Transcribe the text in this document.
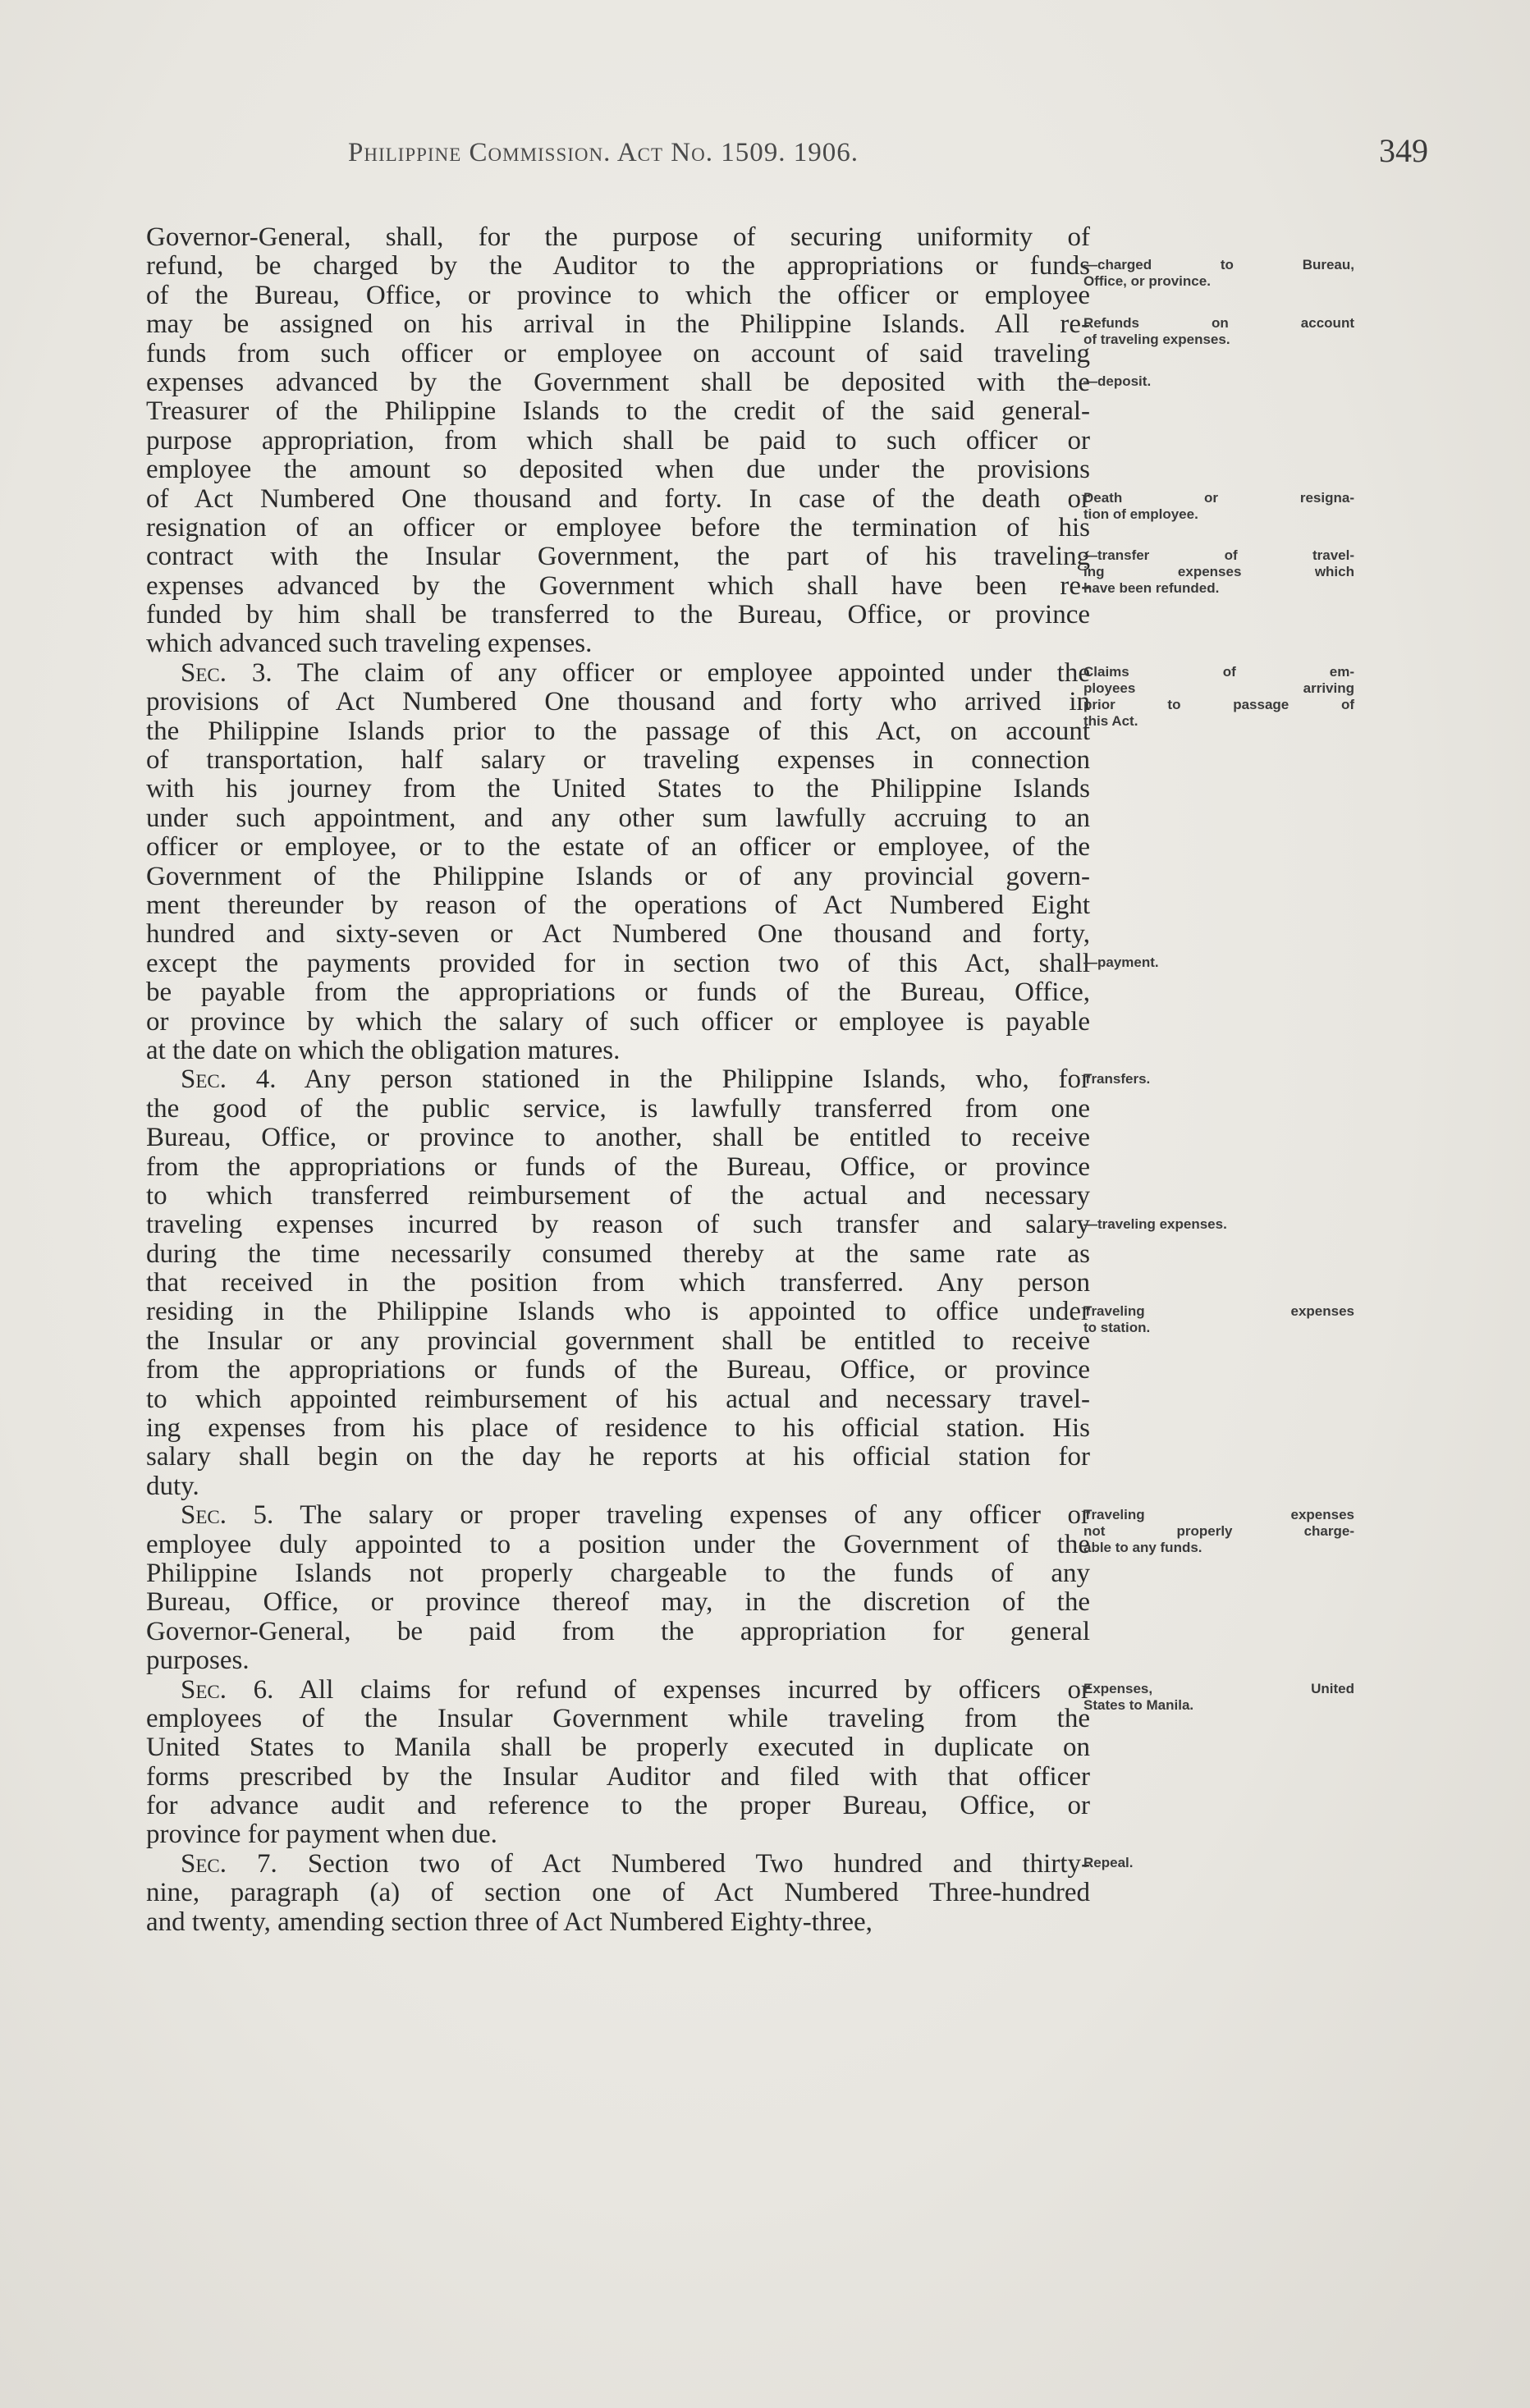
Philippine Commission. Act No. 1509. 1906.	349
Governor-General, shall, for the purpose of securing uniformity of
refund, be charged by the Auditor to the appropriations or funds
of the Bureau, Office, or province to which the officer or employee
may be assigned on his arrival in the Philippine Islands. All re-
funds from such officer or employee on account of said traveling
expenses advanced by the Government shall be deposited with the
Treasurer of the Philippine Islands to the credit of the said general-
purpose appropriation, from which shall be paid to such officer or
employee the amount so deposited when due under the provisions
of Act Numbered One thousand and forty. In case of the death or
resignation of an officer or employee before the termination of his
contract with the Insular Government, the part of his traveling
expenses advanced by the Government which shall have been re-
funded by him shall be transferred to the Bureau, Office, or province
which advanced such traveling expenses.
Sec. 3. The claim of any officer or employee appointed under the
provisions of Act Numbered One thousand and forty who arrived in
the Philippine Islands prior to the passage of this Act, on account
of transportation, half salary or traveling expenses in connection
with his journey from the United States to the Philippine Islands
under such appointment, and any other sum lawfully accruing to an
officer or employee, or to the estate of an officer or employee, of the
Government of the Philippine Islands or of any provincial govern-
ment thereunder by reason of the operations of Act Numbered Eight
hundred and sixty-seven or Act Numbered One thousand and forty,
except the payments provided for in section two of this Act, shall
be payable from the appropriations or funds of the Bureau, Office,
or province by which the salary of such officer or employee is payable
at the date on which the obligation matures.
Sec. 4. Any person stationed in the Philippine Islands, who, for
the good of the public service, is lawfully transferred from one
Bureau, Office, or province to another, shall be entitled to receive
from the appropriations or funds of the Bureau, Office, or province
to which transferred reimbursement of the actual and necessary
traveling expenses incurred by reason of such transfer and salary
during the time necessarily consumed thereby at the same rate as
that received in the position from which transferred. Any person
residing in the Philippine Islands who is appointed to office under
the Insular or any provincial government shall be entitled to receive
from the appropriations or funds of the Bureau, Office, or province
to which appointed reimbursement of his actual and necessary travel-
ing expenses from his place of residence to his official station. His
salary shall begin on the day he reports at his official station for
duty.
Sec. 5. The salary or proper traveling expenses of any officer or
employee duly appointed to a position under the Government of the
Philippine Islands not properly chargeable to the funds of any
Bureau, Office, or province thereof may, in the discretion of the
Governor-General, be paid from the appropriation for general
purposes.
Sec. 6. All claims for refund of expenses incurred by officers or
employees of the Insular Government while traveling from the
United States to Manila shall be properly executed in duplicate on
forms prescribed by the Insular Auditor and filed with that officer
for advance audit and reference to the proper Bureau, Office, or
province for payment when due.
Sec. 7. Section two of Act Numbered Two hundred and thirty-
nine, paragraph (a) of section one of Act Numbered Three-hundred
and twenty, amending section three of Act Numbered Eighty-three,
—charged to Bureau,
Office, or province.
Refunds on account
of traveling expenses.
—deposit.
Death or resigna-
tion of employee.
—transfer of travel-
ing expenses which
have been refunded.
Claims of em-
ployees arriving
prior to passage of
this Act.
—payment.
Transfers.
—traveling expenses.
Traveling expenses
to station.
Traveling expenses
not properly charge-
able to any funds.
Expenses, United
States to Manila.
Repeal.
